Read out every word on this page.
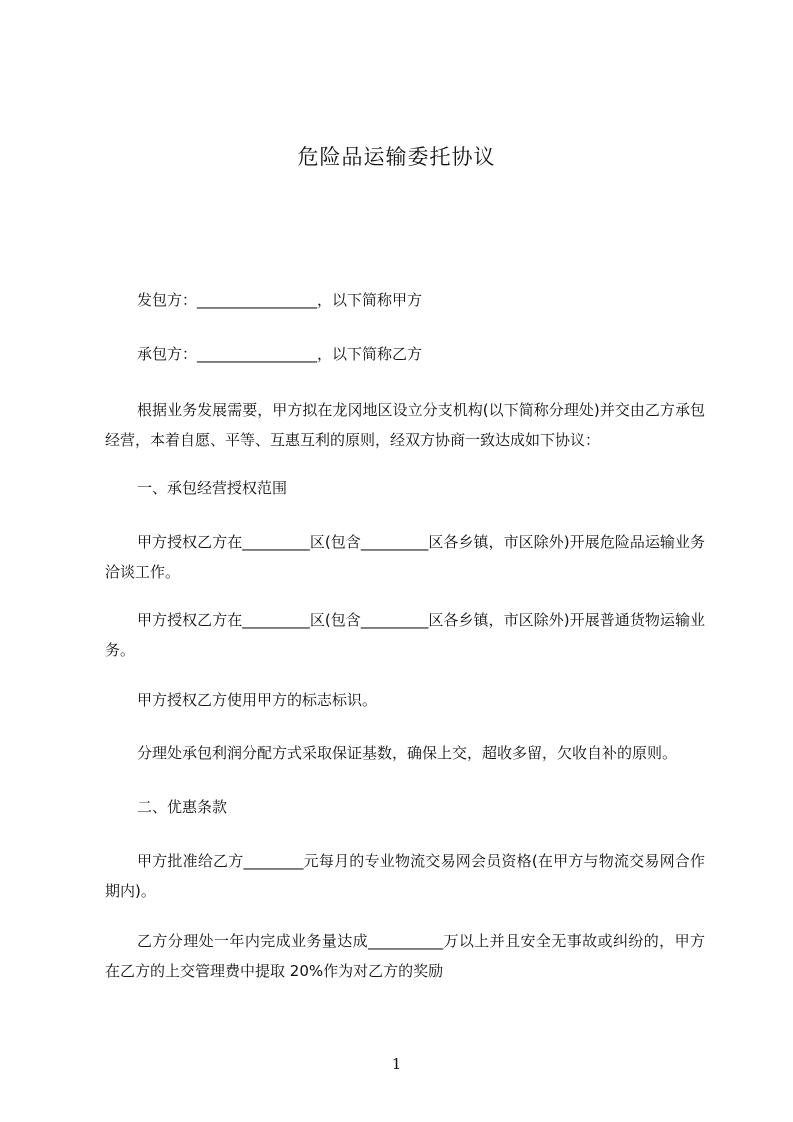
危险品运输委托协议
发包方：________________，以下简称甲方
承包方：________________，以下简称乙方
根据业务发展需要，甲方拟在龙冈地区设立分支机构(以下简称分理处)并交由乙方承包经营，本着自愿、平等、互惠互利的原则，经双方协商一致达成如下协议：
一、承包经营授权范围
甲方授权乙方在_________区(包含_________区各乡镇，市区除外)开展危险品运输业务洽谈工作。
甲方授权乙方在_________区(包含_________区各乡镇，市区除外)开展普通货物运输业务。
甲方授权乙方使用甲方的标志标识。
分理处承包利润分配方式采取保证基数，确保上交，超收多留，欠收自补的原则。
二、优惠条款
甲方批准给乙方________元每月的专业物流交易网会员资格(在甲方与物流交易网合作期内)。
乙方分理处一年内完成业务量达成__________万以上并且安全无事故或纠纷的，甲方在乙方的上交管理费中提取 20%作为对乙方的奖励
1
